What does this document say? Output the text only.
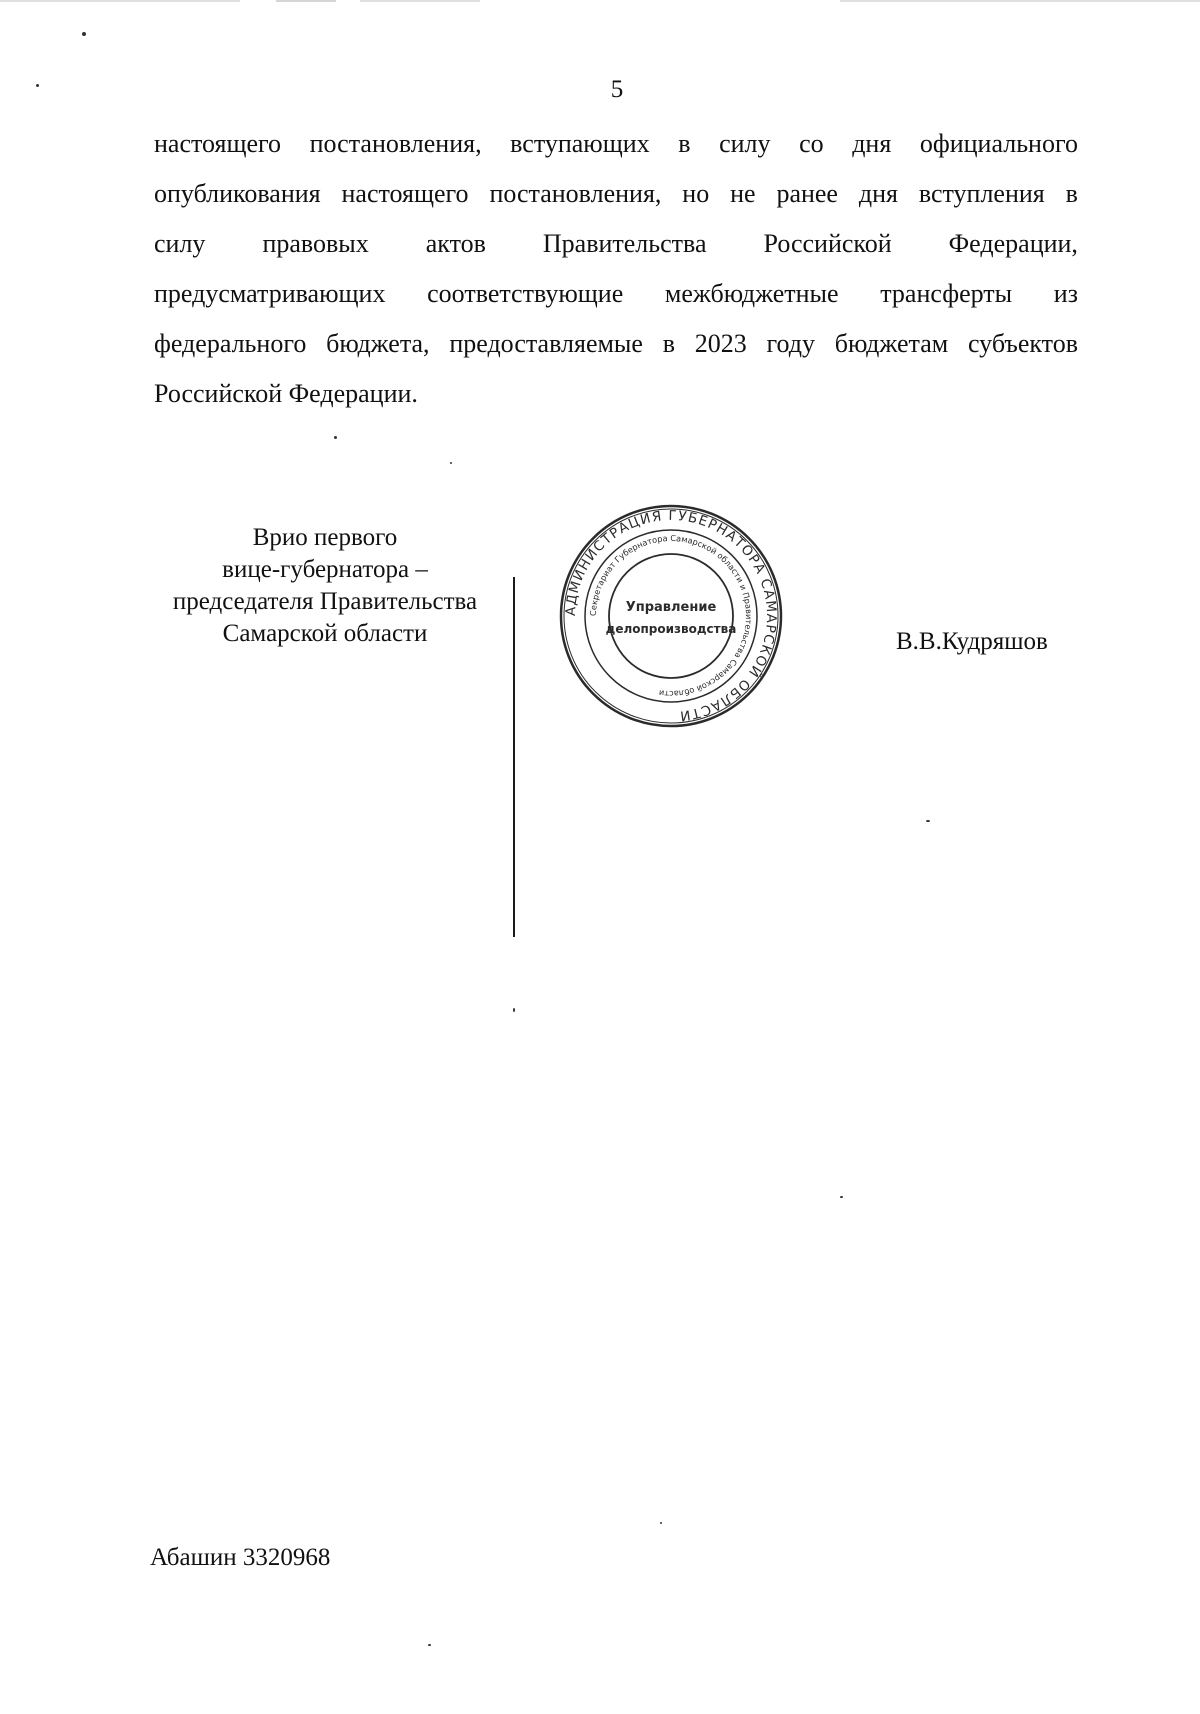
5
настоящего постановления, вступающих в силу со дня официального
опубликования настоящего постановления, но не ранее дня вступления в
силу правовых актов Правительства Российской Федерации,
предусматривающих соответствующие межбюджетные трансферты из
федерального бюджета, предоставляемые в 2023 году бюджетам субъектов
Российской Федерации.
Врио первого
вице-губернатора –
председателя Правительства
Самарской области
АДМИНИСТРАЦИЯ ГУБЕРНАТОРА САМАРСКОЙ ОБЛАСТИ
Секретариат Губернатора Самарской области и Правительства Самарской области
Управление
делопроизводства	В.В.Кудряшов
Абашин 3320968
